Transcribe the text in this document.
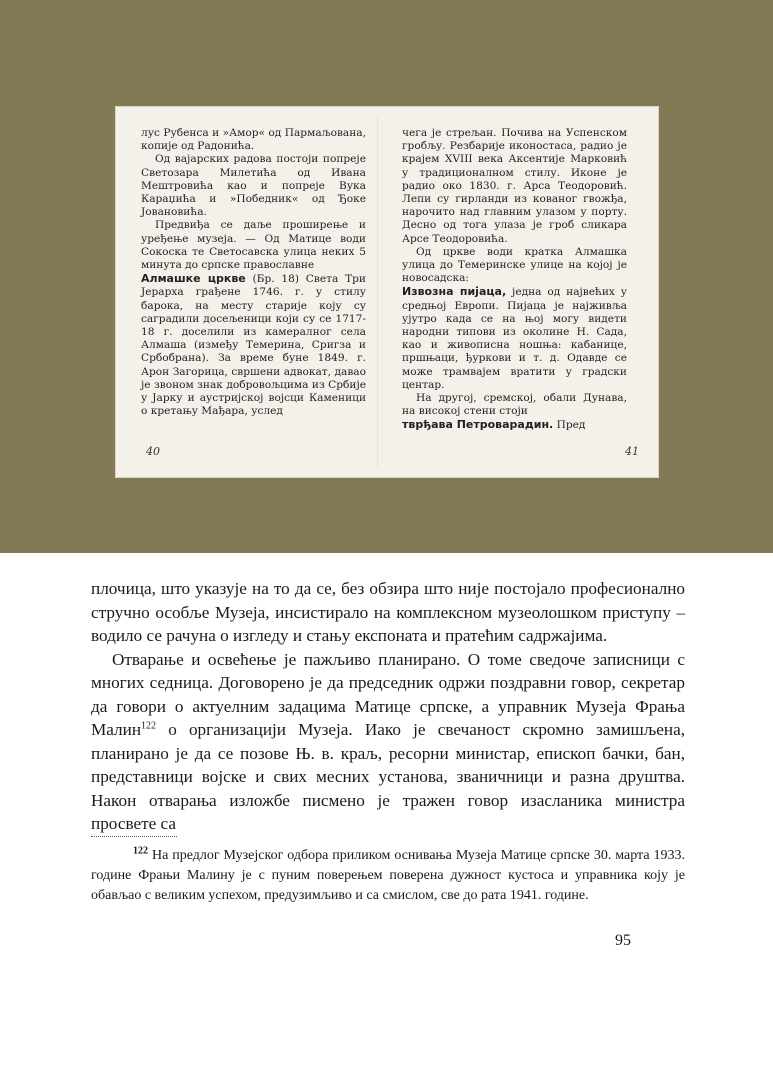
лус Рубенса и »Амор« од Пармаљована, копије од Радонића.

Од вајарских радова постоји попреје Светозара Милетића од Ивана Мештровића као и попреје Вука Караџића и »Победник« од Ђоке Јовановића.

Предвиђа се даље проширење и уређење музеја. — Од Матице води Сокоска те Светосавска улица неких 5 минута до српске православне

Алмашке цркве (Бр. 18) Света Три Јерарха грађене 1746. г. у стилу барока, на месту старије коју су саградили досељеници који су се 1717-18 г. доселили из камералног села Алмаша (између Темерина, Сригза и Србобрана). За време буне 1849. г. Арон Загорица, свршени адвокат, давао је звоном знак добровољцима из Србије у Јарку и аустријској војсци Каменици о кретању Мађара, услед

40

чега је стрељан. Почива на Успенском гробљу. Резбарије иконостаса, радио је крајем XVIII века Аксентије Марковић у традиционалном стилу. Иконе је радио око 1830. г. Арса Теодоровић. Лепи су гирланди из кованог гвожђа, нарочито над главним улазом у порту. Десно од тога улаза је гроб сликара Арсе Теодоровића.

Од цркве води кратка Алмашка улица до Темеринске улице на којој је новосадска:

Извозна пијаца, једна од највећих у средњој Европи. Пијаца је најживља ујутро када се на њој могу видети народни типови из околине Н. Сада, као и живописна ношња: кабанице, пршњаци, ђуркови и т. д. Одавде се може трамвајем вратити у градски центар.

На другој, сремској, обали Дунава, на високој стени стоји

тврђава Петроварадин. Пред

41

плочица, што указује на то да се, без обзира што није постојало професионално стручно особље Музеја, инсистирало на комплексном музеолошком приступу – водило се рачуна о изгледу и стању експоната и пратећим садржајима.

Отварање и освећење је пажљиво планирано. О томе сведоче записници с многих седница. Договорено је да председник одржи поздравни говор, секретар да говори о актуелним задацима Матице српске, а управник Музеја Фрања Малин$^{122}$ о организацији Музеја. Иако је свечаност скромно замишљена, планирано је да се позове Њ. в. краљ, ресорни министар, епископ бачки, бан, представници војске и свих месних установа, званичници и разна друштва. Након отварања изложбе писмено је тражен говор изасланика министра просвете са

$^{122}$ На предлог Музејског одбора приликом оснивања Музеја Матице српске 30. марта 1933. године Фрањи Малину је с пуним поверењем поверена дужност кустоса и управника коју је обављао с великим успехом, предузимљиво и са смислом, све до рата 1941. године.
95
